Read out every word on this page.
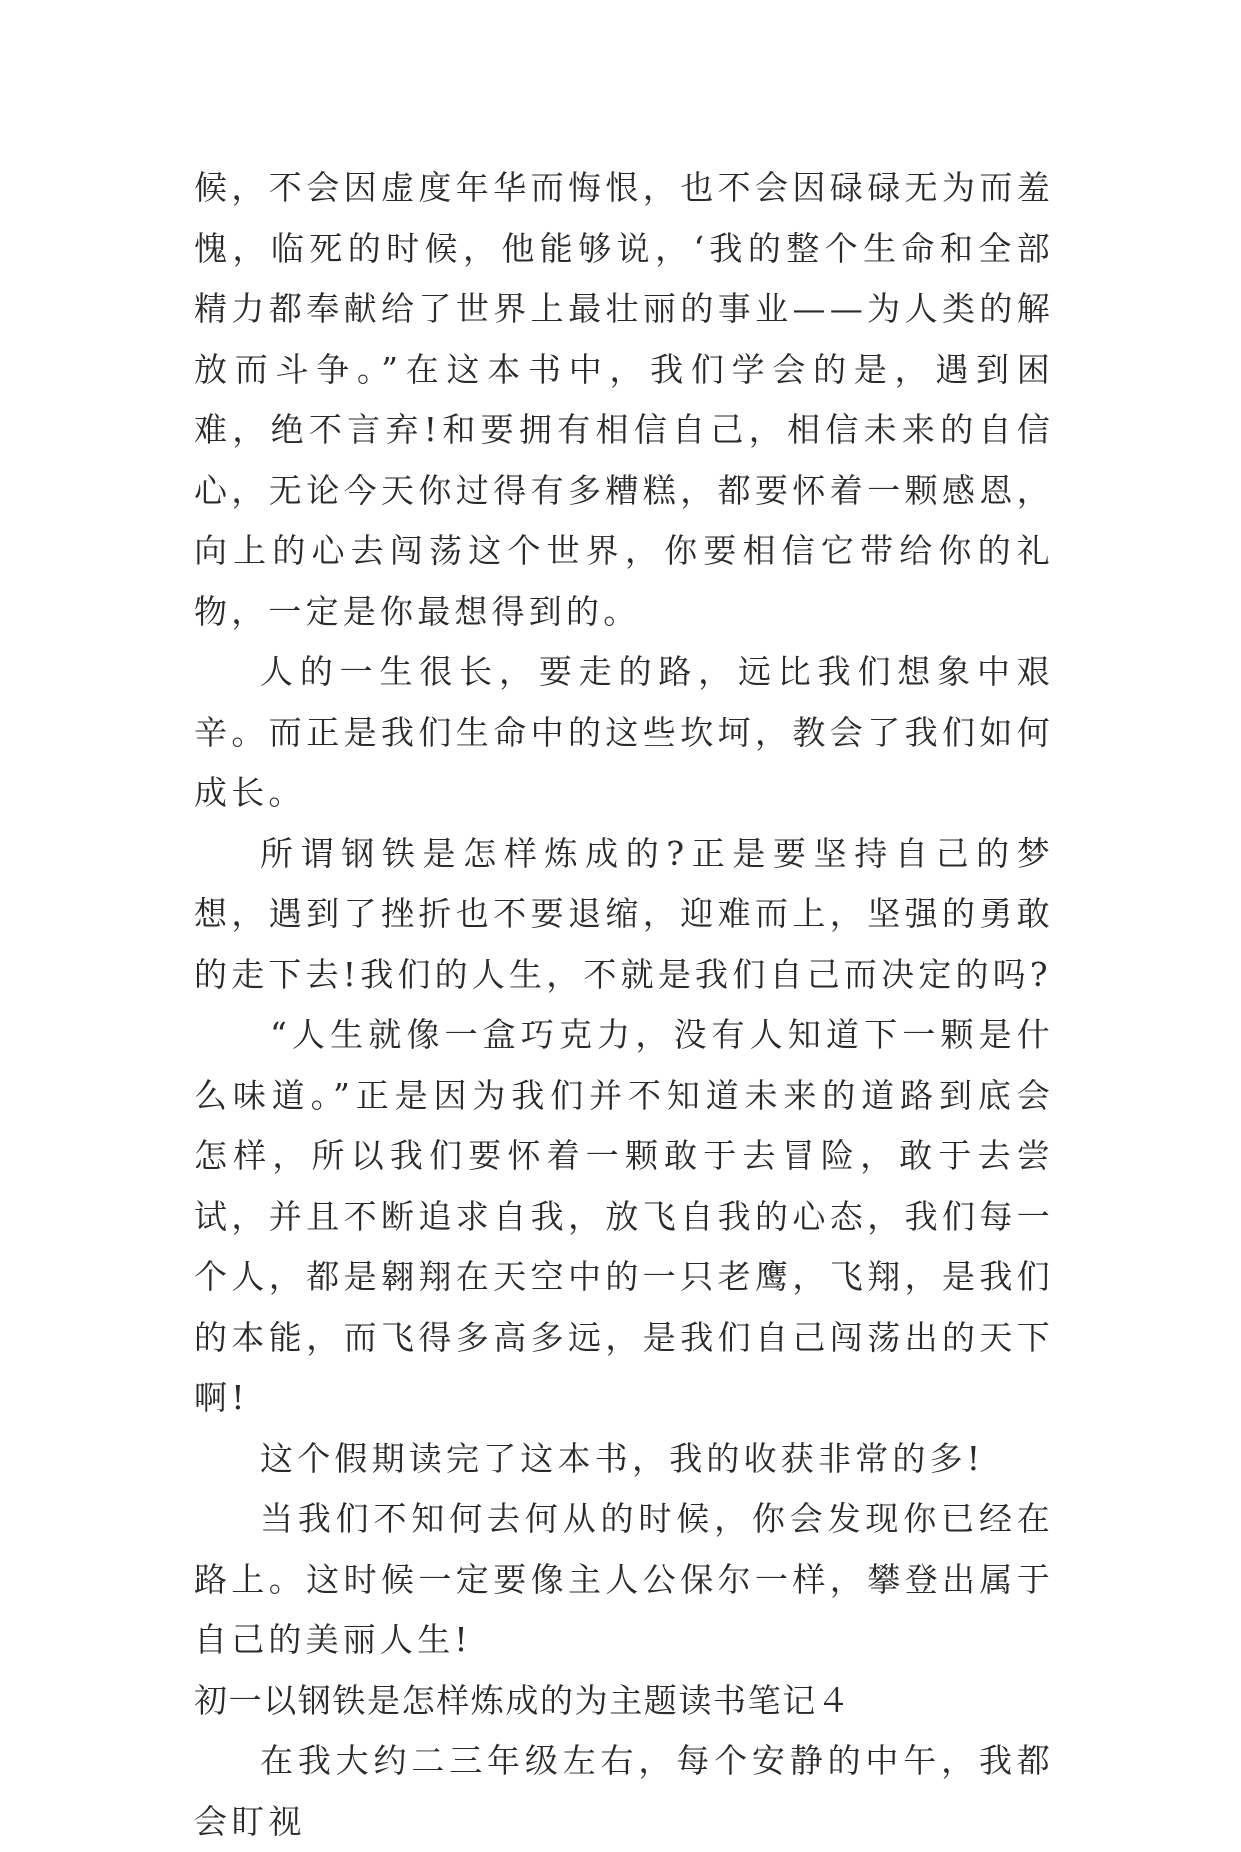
候，不会因虚度年华而悔恨，也不会因碌碌无为而羞愧，临死的时候，他能够说，‘我的整个生命和全部精力都奉献给了世界上最壮丽的事业——为人类的解放而斗争。”在这本书中，我们学会的是，遇到困难，绝不言弃!和要拥有相信自己，相信未来的自信心，无论今天你过得有多糟糕，都要怀着一颗感恩，向上的心去闯荡这个世界，你要相信它带给你的礼物，一定是你最想得到的。

人的一生很长，要走的路，远比我们想象中艰辛。而正是我们生命中的这些坎坷，教会了我们如何成长。

所谓钢铁是怎样炼成的?正是要坚持自己的梦想，遇到了挫折也不要退缩，迎难而上，坚强的勇敢的走下去!我们的人生，不就是我们自己而决定的吗?

“人生就像一盒巧克力，没有人知道下一颗是什么味道。”正是因为我们并不知道未来的道路到底会怎样，所以我们要怀着一颗敢于去冒险，敢于去尝试，并且不断追求自我，放飞自我的心态，我们每一个人，都是翱翔在天空中的一只老鹰，飞翔，是我们的本能，而飞得多高多远，是我们自己闯荡出的天下啊!

这个假期读完了这本书，我的收获非常的多!

当我们不知何去何从的时候，你会发现你已经在路上。这时候一定要像主人公保尔一样，攀登出属于自己的美丽人生!

初一以钢铁是怎样炼成的为主题读书笔记４

在我大约二三年级左右，每个安静的中午，我都会盯视
